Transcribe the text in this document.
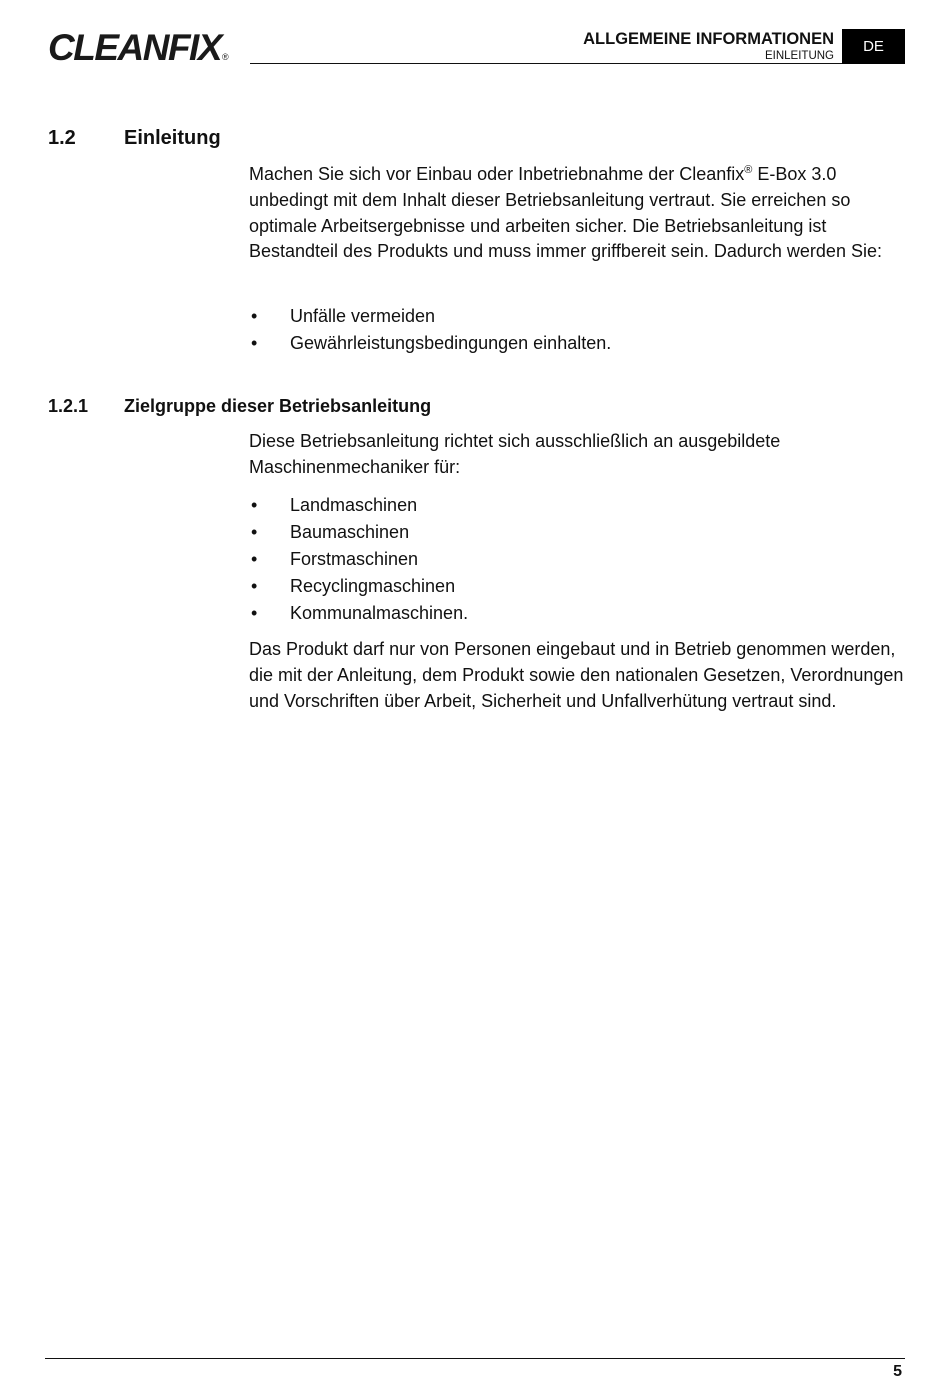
CLEANFIX®
ALLGEMEINE INFORMATIONEN
EINLEITUNG
DE
1.2 Einleitung

Machen Sie sich vor Einbau oder Inbetriebnahme der Cleanfix® E-Box 3.0 unbedingt mit dem Inhalt dieser Betriebsanleitung vertraut. Sie erreichen so optimale Arbeitsergebnisse und arbeiten sicher. Die Betriebsanleitung ist Bestandteil des Produkts und muss immer griffbereit sein. Dadurch werden Sie:

• Unfälle vermeiden
• Gewährleistungsbedingungen einhalten.
1.2.1 Zielgruppe dieser Betriebsanleitung

Diese Betriebsanleitung richtet sich ausschließlich an ausgebildete Maschinenmechaniker für:

• Landmaschinen
• Baumaschinen
• Forstmaschinen
• Recyclingmaschinen
• Kommunalmaschinen.

Das Produkt darf nur von Personen eingebaut und in Betrieb genommen werden, die mit der Anleitung, dem Produkt sowie den nationalen Gesetzen, Verordnungen und Vorschriften über Arbeit, Sicherheit und Unfallverhütung vertraut sind.

5
